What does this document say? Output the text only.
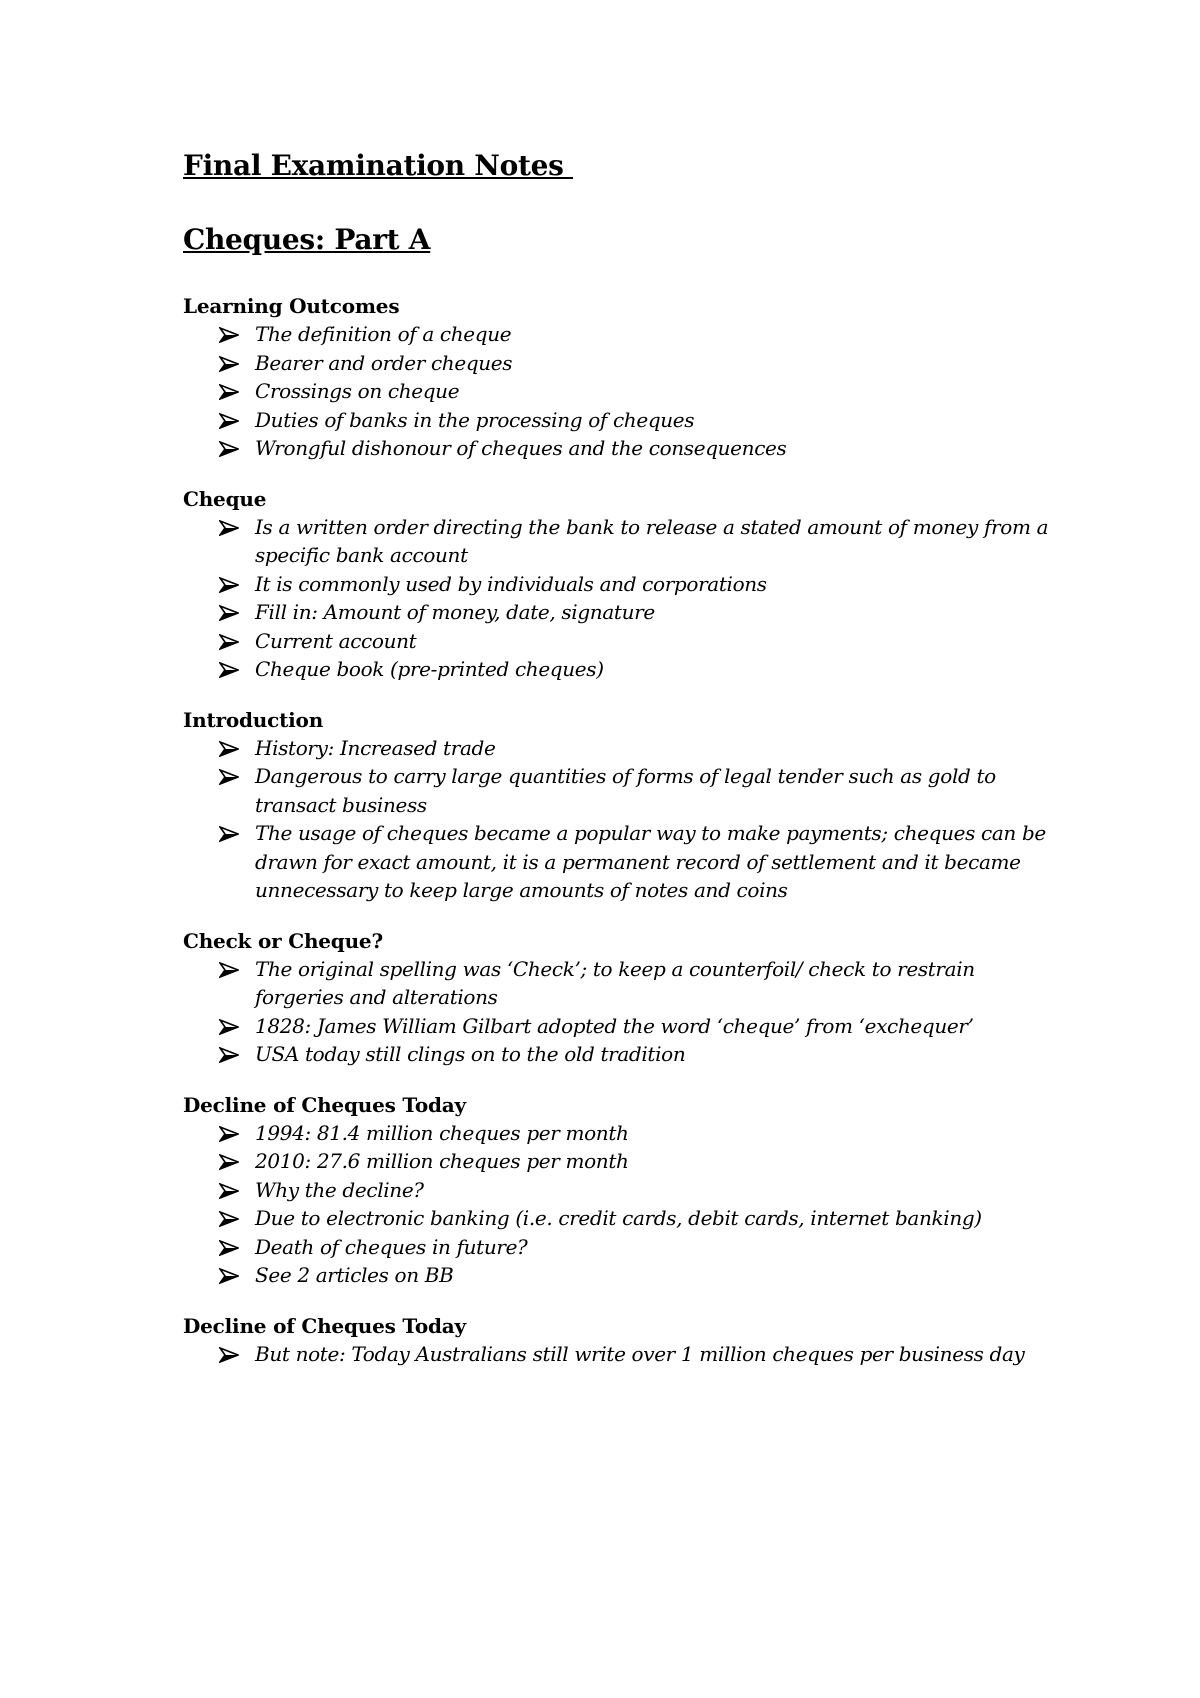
Final Examination Notes
Cheques: Part A
Learning Outcomes
The definition of a cheque
Bearer and order cheques
Crossings on cheque
Duties of banks in the processing of cheques
Wrongful dishonour of cheques and the consequences
Cheque
Is a written order directing the bank to release a stated amount of money from a specific bank account
It is commonly used by individuals and corporations
Fill in: Amount of money, date, signature
Current account
Cheque book (pre-printed cheques)
Introduction
History: Increased trade
Dangerous to carry large quantities of forms of legal tender such as gold to transact business
The usage of cheques became a popular way to make payments; cheques can be drawn for exact amount, it is a permanent record of settlement and it became unnecessary to keep large amounts of notes and coins
Check or Cheque?
The original spelling was ‘Check’; to keep a counterfoil/ check to restrain forgeries and alterations
1828: James William Gilbart adopted the word ‘cheque’ from ‘exchequer’
USA today still clings on to the old tradition
Decline of Cheques Today
1994: 81.4 million cheques per month
2010: 27.6 million cheques per month
Why the decline?
Due to electronic banking (i.e. credit cards, debit cards, internet banking)
Death of cheques in future?
See 2 articles on BB
Decline of Cheques Today
But note: Today Australians still write over 1 million cheques per business day
